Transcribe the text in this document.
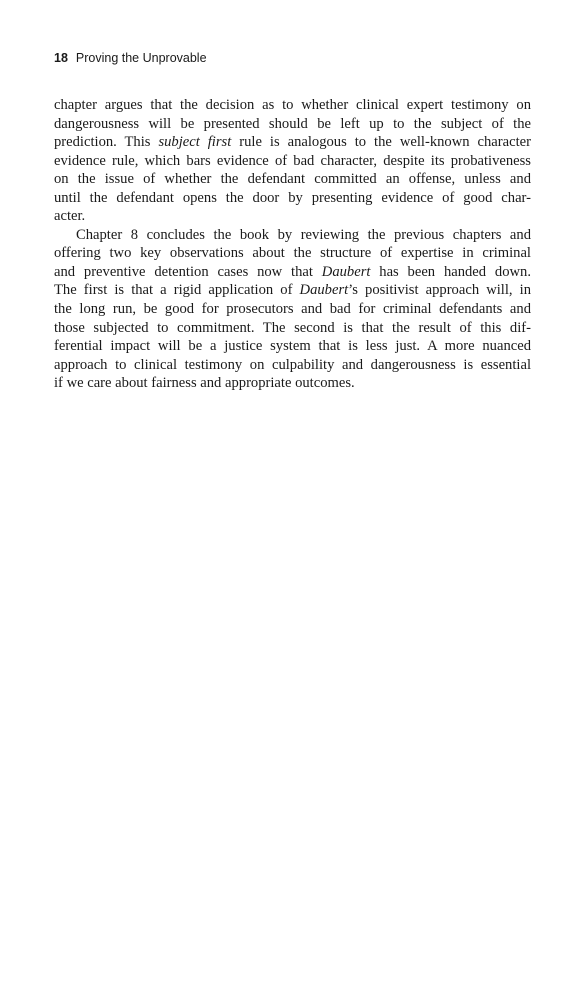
18 Proving the Unprovable
chapter argues that the decision as to whether clinical expert testimony on
dangerousness will be presented should be left up to the subject of the
prediction. This subject first rule is analogous to the well-known character
evidence rule, which bars evidence of bad character, despite its probativeness
on the issue of whether the defendant committed an offense, unless and
until the defendant opens the door by presenting evidence of good char-
acter.
Chapter 8 concludes the book by reviewing the previous chapters and
offering two key observations about the structure of expertise in criminal
and preventive detention cases now that Daubert has been handed down.
The first is that a rigid application of Daubert’s positivist approach will, in
the long run, be good for prosecutors and bad for criminal defendants and
those subjected to commitment. The second is that the result of this dif-
ferential impact will be a justice system that is less just. A more nuanced
approach to clinical testimony on culpability and dangerousness is essential
if we care about fairness and appropriate outcomes.
